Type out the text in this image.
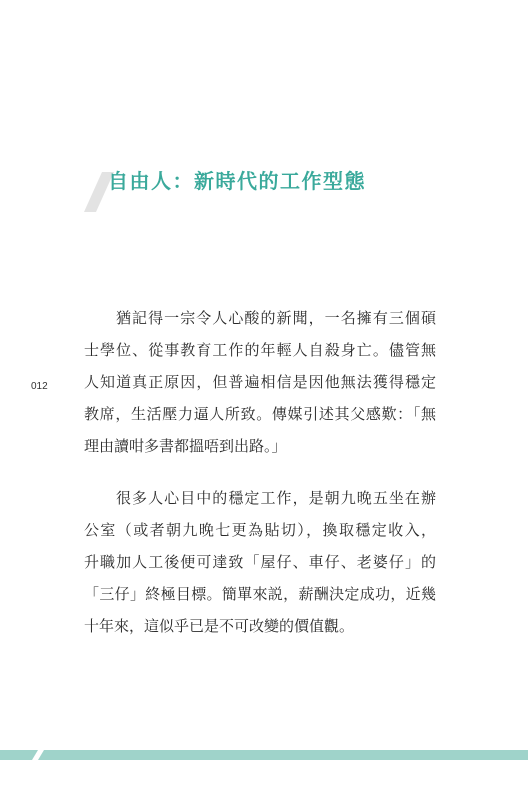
自由人：新時代的工作型態
012
猶記得一宗令人心酸的新聞，一名擁有三個碩
士學位、從事教育工作的年輕人自殺身亡。儘管無
人知道真正原因，但普遍相信是因他無法獲得穩定
教席，生活壓力逼人所致。傳媒引述其父感歎：「無
理由讀咁多書都搵唔到出路。」
很多人心目中的穩定工作，是朝九晚五坐在辦
公室（或者朝九晚七更為貼切），換取穩定收入，
升職加人工後便可達致「屋仔、車仔、老婆仔」的
「三仔」終極目標。簡單來説，薪酬決定成功，近幾
十年來，這似乎已是不可改變的價值觀。
